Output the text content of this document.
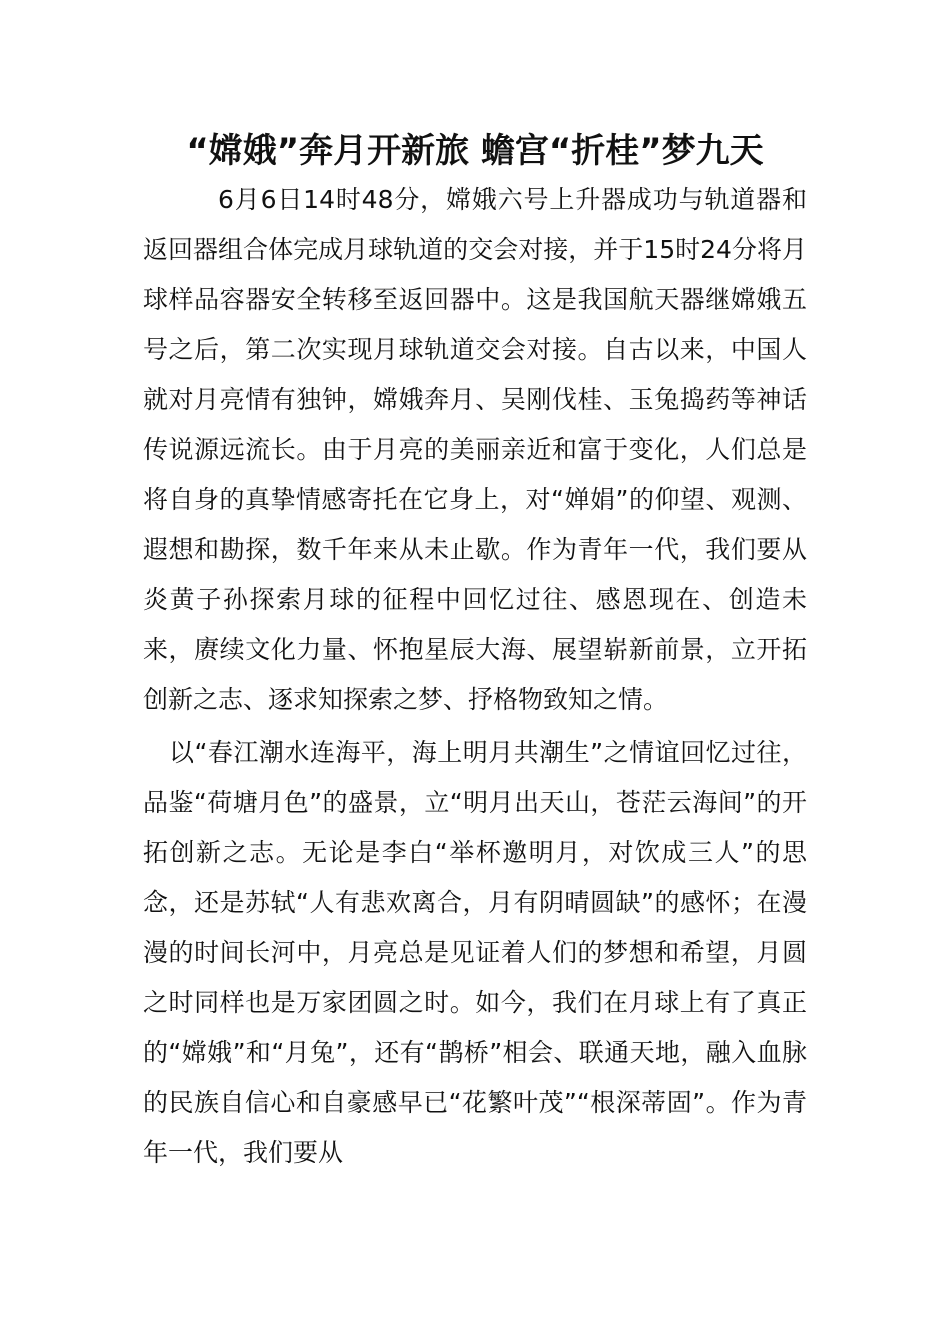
“嫦娥”奔月开新旅 蟾宫“折桂”梦九天

6月6日14时48分，嫦娥六号上升器成功与轨道器和返回器组合体完成月球轨道的交会对接，并于15时24分将月球样品容器安全转移至返回器中。这是我国航天器继嫦娥五号之后，第二次实现月球轨道交会对接。自古以来，中国人就对月亮情有独钟，嫦娥奔月、吴刚伐桂、玉兔捣药等神话传说源远流长。由于月亮的美丽亲近和富于变化，人们总是将自身的真挚情感寄托在它身上，对“婵娟”的仰望、观测、遐想和勘探，数千年来从未止歇。作为青年一代，我们要从炎黄子孙探索月球的征程中回忆过往、感恩现在、创造未来，赓续文化力量、怀抱星辰大海、展望崭新前景，立开拓创新之志、逐求知探索之梦、抒格物致知之情。

以“春江潮水连海平，海上明月共潮生”之情谊回忆过往，品鉴“荷塘月色”的盛景，立“明月出天山，苍茫云海间”的开拓创新之志。无论是李白“举杯邀明月，对饮成三人”的思念，还是苏轼“人有悲欢离合，月有阴晴圆缺”的感怀；在漫漫的时间长河中，月亮总是见证着人们的梦想和希望，月圆之时同样也是万家团圆之时。如今，我们在月球上有了真正的“嫦娥”和“月兔”，还有“鹊桥”相会、联通天地，融入血脉的民族自信心和自豪感早已“花繁叶茂”“根深蒂固”。作为青年一代，我们要从
